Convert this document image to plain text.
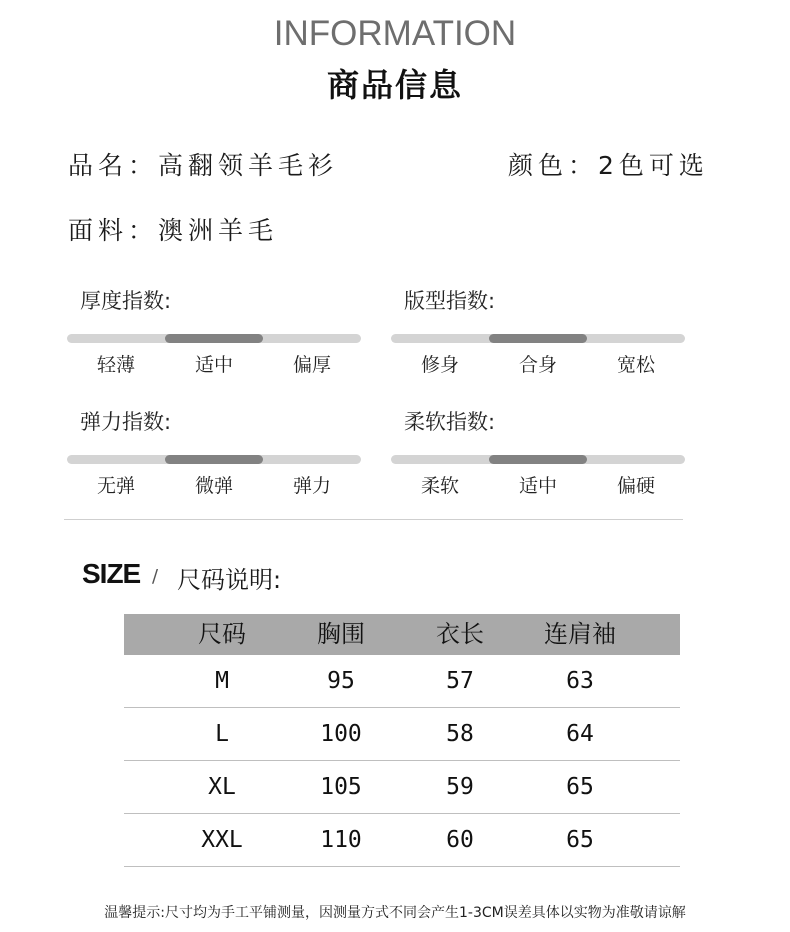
INFORMATION
商品信息
品名：高翻领羊毛衫	颜色：2色可选
面料：澳洲羊毛
厚度指数:
轻薄	适中	偏厚
版型指数:
修身	合身	宽松
弹力指数:
无弹	微弹	弹力
柔软指数:
柔软	适中	偏硬
SIZE / 尺码说明:
尺码	胸围	衣长	连肩袖
M	95	57	63
L	100	58	64
XL	105	59	65
XXL	110	60	65
温馨提示:尺寸均为手工平铺测量，因测量方式不同会产生1-3CM误差具体以实物为准敬请谅解
